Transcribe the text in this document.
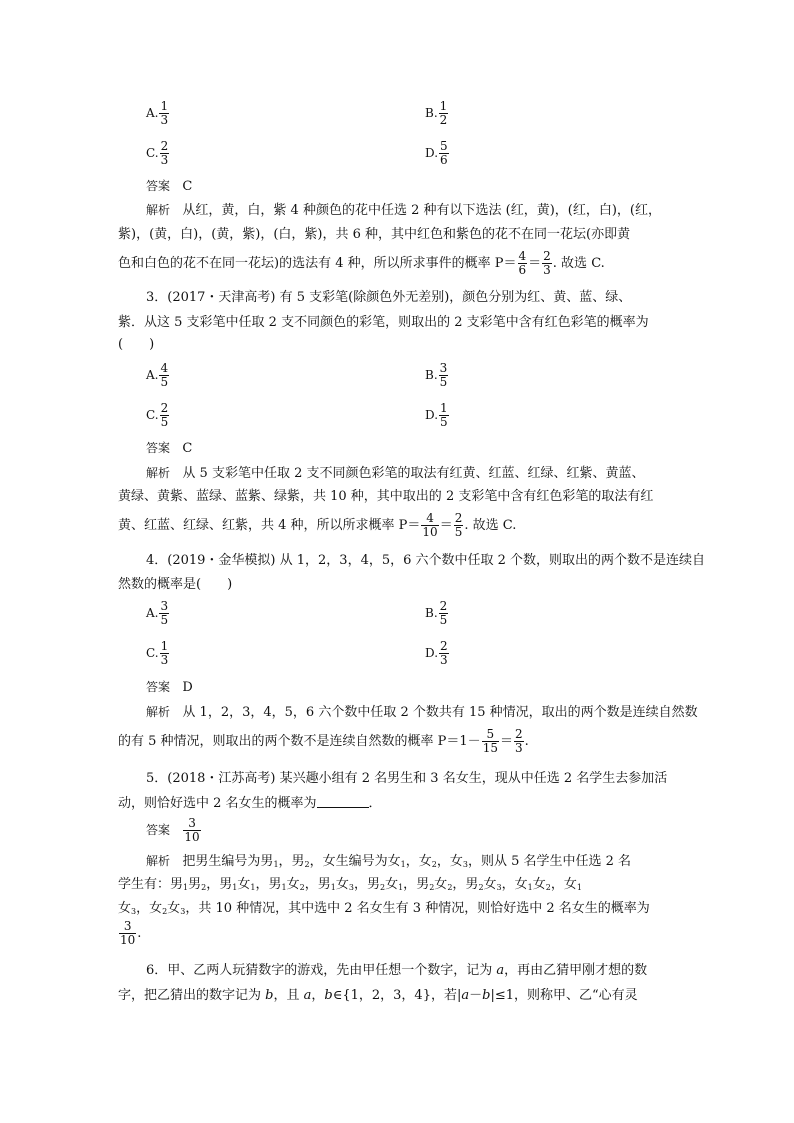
A. $\frac{1}{3}$	B. $\frac{1}{2}$
C. $\frac{2}{3}$	D. $\frac{5}{6}$
答案 C
解析 从红，黄，白，紫 4 种颜色的花中任选 2 种有以下选法 (红，黄)，(红，白)，(红，
紫)，(黄，白)，(黄，紫)，(白，紫)，共 6 种，其中红色和紫色的花不在同一花坛(亦即黄
色和白色的花不在同一花坛)的选法有 4 种，所以所求事件的概率 $P= \frac{4}{6} = \frac{2}{3}$ . 故选 C.
3．(2017・天津高考) 有 5 支彩笔(除颜色外无差别)，颜色分别为红、黄、蓝、绿、
紫．从这 5 支彩笔中任取 2 支不同颜色的彩笔，则取出的 2 支彩笔中含有红色彩笔的概率为
(　　)
A. $\frac{4}{5}$	B. $\frac{3}{5}$
C. $\frac{2}{5}$	D. $\frac{1}{5}$
答案 C
解析 从 5 支彩笔中任取 2 支不同颜色彩笔的取法有红黄、红蓝、红绿、红紫、黄蓝、
黄绿、黄紫、蓝绿、蓝紫、绿紫，共 10 种，其中取出的 2 支彩笔中含有红色彩笔的取法有红
黄、红蓝、红绿、红紫，共 4 种，所以所求概率 $P= \frac{4}{10} = \frac{2}{5}$ . 故选 C.
4．(2019・金华模拟) 从 1，2，3，4，5，6 六个数中任取 2 个数，则取出的两个数不是连续自
然数的概率是(　　)
A. $\frac{3}{5}$	B. $\frac{2}{5}$
C. $\frac{1}{3}$	D. $\frac{2}{3}$
答案 D
解析 从 1，2，3，4，5，6 六个数中任取 2 个数共有 15 种情况，取出的两个数是连续自然数
的有 5 种情况，则取出的两个数不是连续自然数的概率 $P=1- \frac{5}{15} = \frac{2}{3}$ .
5．(2018・江苏高考) 某兴趣小组有 2 名男生和 3 名女生，现从中任选 2 名学生去参加活
动，则恰好选中 2 名女生的概率为	．
答案 $\frac{3}{10}$
解析 把男生编号为男$_1$，男$_2$，女生编号为女$_1$，女$_2$，女$_3$，则从 5 名学生中任选 2 名
学生有：男$_1$男$_2$，男$_1$女$_1$，男$_1$女$_2$，男$_1$女$_3$，男$_2$女$_1$，男$_2$女$_2$，男$_2$女$_3$，女$_1$女$_2$，女$_1$
女$_3$，女$_2$女$_3$，共 10 种情况，其中选中 2 名女生有 3 种情况，则恰好选中 2 名女生的概率为
$\frac{3}{10}$ .
6．甲、乙两人玩猜数字的游戏，先由甲任想一个数字，记为 a，再由乙猜甲刚才想的数
字，把乙猜出的数字记为 b，且 a，b∈{1，2，3，4}，若|a－b|≤1，则称甲、乙“心有灵
